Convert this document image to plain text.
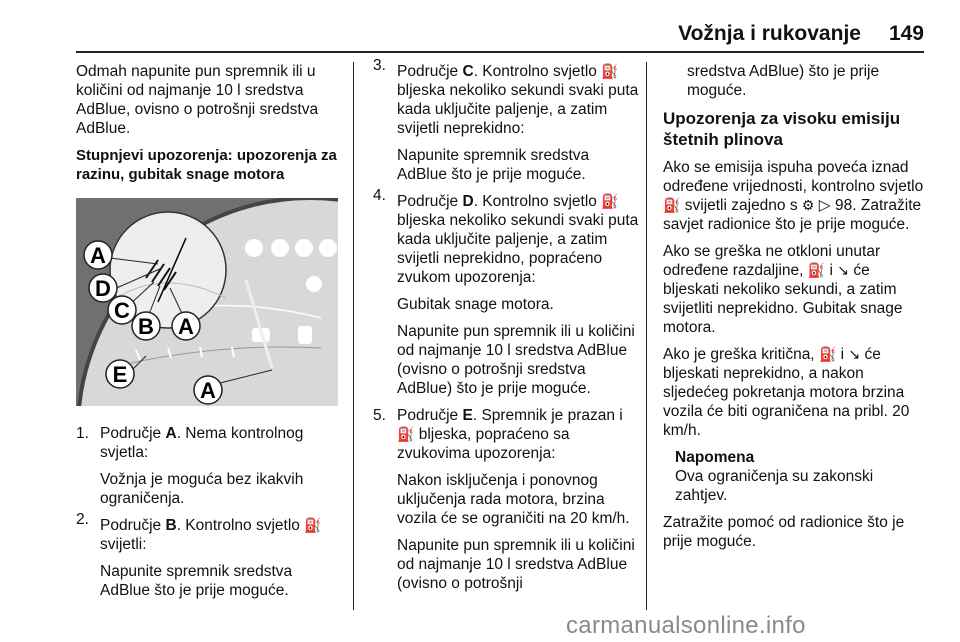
Vožnja i rukovanje 149

Odmah napunite pun spremnik ili u količini od najmanje 10 l sredstva AdBlue, ovisno o potrošnji sredstva AdBlue.

Stupnjevi upozorenja: upozorenja za razinu, gubitak snage motora

A
D
C
B A
E
A
1. Područje A. Nema kontrolnog svjetla:

Vožnja je moguća bez ikakvih ograničenja.

2. Područje B. Kontrolno svjetlo ⛽ svijetli:

Napunite spremnik sredstva AdBlue što je prije moguće.

3. Područje C. Kontrolno svjetlo ⛽ bljeska nekoliko sekundi svaki puta kada uključite paljenje, a zatim svijetli neprekidno:

Napunite spremnik sredstva AdBlue što je prije moguće.

4. Područje D. Kontrolno svjetlo ⛽ bljeska nekoliko sekundi svaki puta kada uključite paljenje, a zatim svijetli neprekidno, popraćeno zvukom upozorenja:

Gubitak snage motora.

Napunite pun spremnik ili u količini od najmanje 10 l sredstva AdBlue (ovisno o potrošnji sredstva AdBlue) što je prije moguće.

5. Područje E. Spremnik je prazan i ⛽ bljeska, popraćeno sa zvukovima upozorenja:

Nakon isključenja i ponovnog uključenja rada motora, brzina vozila će se ograničiti na 20 km/h.

Napunite pun spremnik ili u količini od najmanje 10 l sredstva AdBlue (ovisno o potrošnji

sredstva AdBlue) što je prije moguće.

Upozorenja za visoku emisiju štetnih plinova

Ako se emisija ispuha poveća iznad određene vrijednosti, kontrolno svjetlo ⛽ svijetli zajedno s ⚙ ▷ 98. Zatražite savjet radionice što je prije moguće.

Ako se greška ne otkloni unutar određene razdaljine, ⛽ i ↘ će bljeskati nekoliko sekundi, a zatim svijetliti neprekidno. Gubitak snage motora.

Ako je greška kritična, ⛽ i ↘ će bljeskati neprekidno, a nakon sljedećeg pokretanja motora brzina vozila će biti ograničena na pribl. 20 km/h.

Napomena
Ova ograničenja su zakonski zahtjev.

Zatražite pomoć od radionice što je prije moguće.

carmanualsonline.info
